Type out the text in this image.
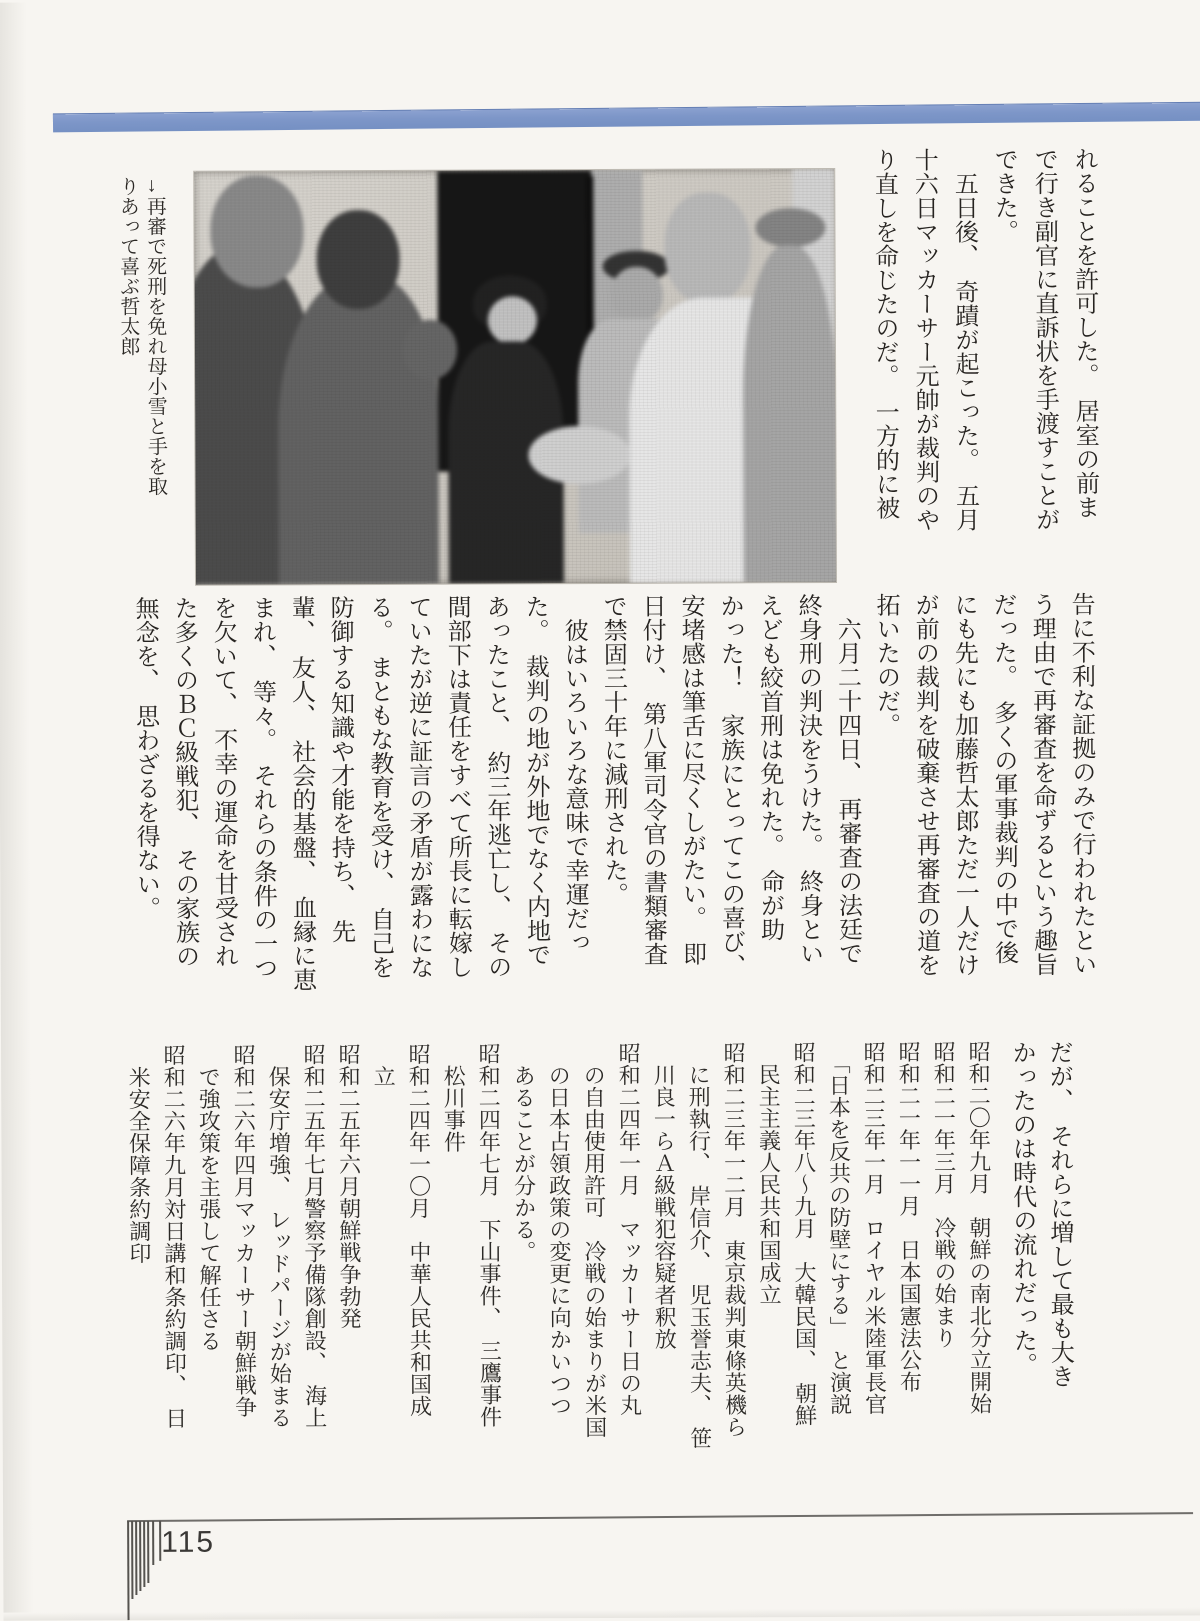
→再審で死刑を免れ母小雪と手を取
りあって喜ぶ哲太郎	れることを許可した。　居室の前ま
で行き副官に直訴状を手渡すことが
できた。
　五日後、　奇蹟が起こった。　五月
十六日マッカーサー元帥が裁判のや
り直しを命じたのだ。　一方的に被
告に不利な証拠のみで行われたとい
う理由で再審査を命ずるという趣旨
だった。　多くの軍事裁判の中で後
にも先にも加藤哲太郎ただ一人だけ
が前の裁判を破棄させ再審査の道を
拓いたのだ。
　六月二十四日、　再審査の法廷で
終身刑の判決をうけた。　終身とい
えども絞首刑は免れた。　命が助
かった！　家族にとってこの喜び、
安堵感は筆舌に尽くしがたい。　即
日付け、　第八軍司令官の書類審査
で禁固三十年に減刑された。
　彼はいろいろな意味で幸運だっ
た。　裁判の地が外地でなく内地で
あったこと、　約三年逃亡し、　その
間部下は責任をすべて所長に転嫁し
ていたが逆に証言の矛盾が露わにな
る。　まともな教育を受け、　自己を
防御する知識や才能を持ち、　先
輩、　友人、　社会的基盤、　血縁に恵
まれ、　等々。　それらの条件の一つ
を欠いて、　不幸の運命を甘受され
た多くのＢＣ級戦犯、　その家族の
無念を、　思わざるを得ない。
だが、　それらに増して最も大き
かったのは時代の流れだった。
昭和二〇年九月　朝鮮の南北分立開始
昭和二一年三月　冷戦の始まり
昭和二一年一一月　日本国憲法公布
昭和二三年一月　ロイヤル米陸軍長官
　「日本を反共の防壁にする」　と演説
昭和二三年八～九月　大韓民国、　朝鮮
　民主主義人民共和国成立
昭和二三年一二月　東京裁判東條英機ら
　に刑執行、　岸信介、　児玉誉志夫、　笹
　川良一らＡ級戦犯容疑者釈放
昭和二四年一月　マッカーサー日の丸
　の自由使用許可　冷戦の始まりが米国
　の日本占領政策の変更に向かいつつ
　あることが分かる。
昭和二四年七月　下山事件、　三鷹事件
　松川事件
昭和二四年一〇月　中華人民共和国成
　立
昭和二五年六月朝鮮戦争勃発
昭和二五年七月警察予備隊創設、　海上
　保安庁増強、　レッドパージが始まる
昭和二六年四月マッカーサー朝鮮戦争
　で強攻策を主張して解任さる
昭和二六年九月対日講和条約調印、　日
　米安全保障条約調印
115
